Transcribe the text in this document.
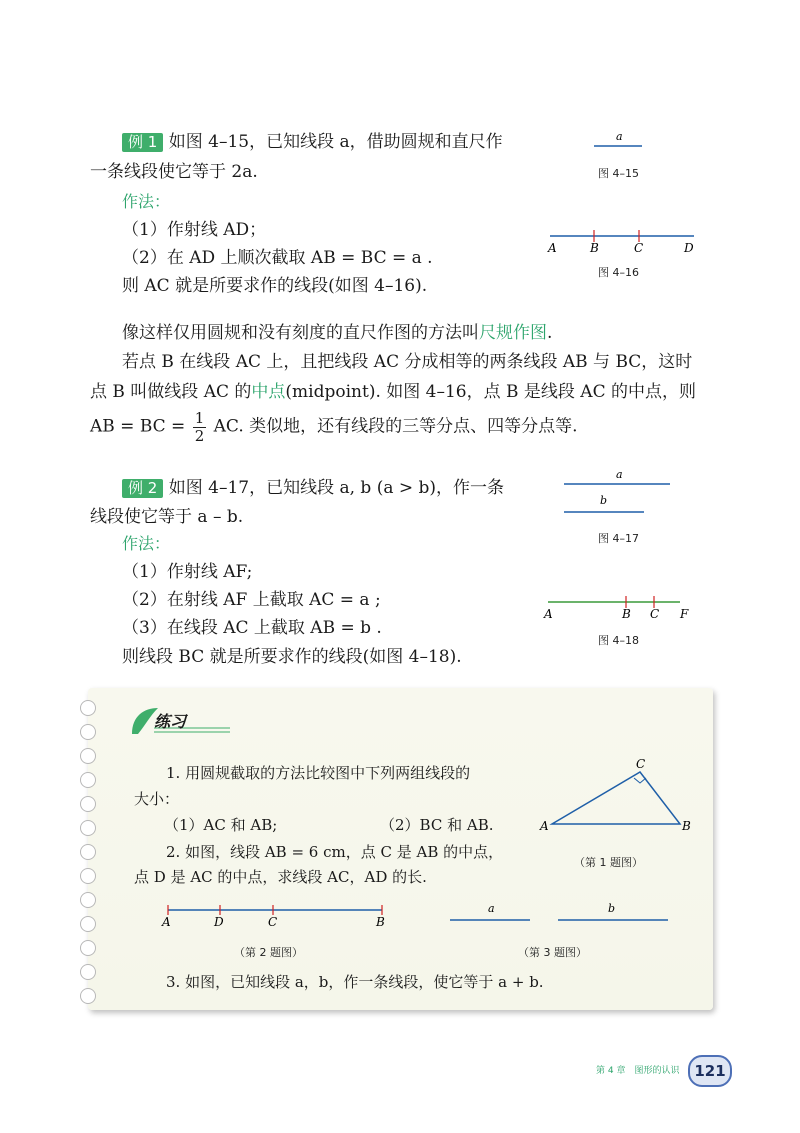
例 1 如图 4–15，已知线段 a，借助圆规和直尺作
一条线段使它等于 2a.
作法：
（1）作射线 AD；
（2）在 AD 上顺次截取 AB = BC = a .
则 AC 就是所要求作的线段(如图 4–16).
a
图 4–15
A	B	C	D
图 4–16
像这样仅用圆规和没有刻度的直尺作图的方法叫尺规作图.
若点 B 在线段 AC 上，且把线段 AC 分成相等的两条线段 AB 与 BC，这时
点 B 叫做线段 AC 的中点(midpoint). 如图 4–16，点 B 是线段 AC 的中点，则
AB = BC = $\frac{1}{2}$ AC. 类似地，还有线段的三等分点、四等分点等.
例 2 如图 4–17，已知线段 a, b (a > b)，作一条
线段使它等于 a – b.
作法：
（1）作射线 AF;
（2）在射线 AF 上截取 AC = a ;
（3）在线段 AC 上截取 AB = b .
则线段 BC 就是所要求作的线段(如图 4–18).
a
b
图 4–17
A	B C F
图 4–18
练习
1. 用圆规截取的方法比较图中下列两组线段的
大小：
（1）AC 和 AB;	（2）BC 和 AB.
2. 如图，线段 AB = 6 cm，点 C 是 AB 的中点，
点 D 是 AC 的中点，求线段 AC，AD 的长.
A	B
C
（第 1 题图）
A	D	C	B
（第 2 题图）
a	b
（第 3 题图）
3. 如图，已知线段 a，b，作一条线段，使它等于 a + b.
第 4 章　图形的认识 121
